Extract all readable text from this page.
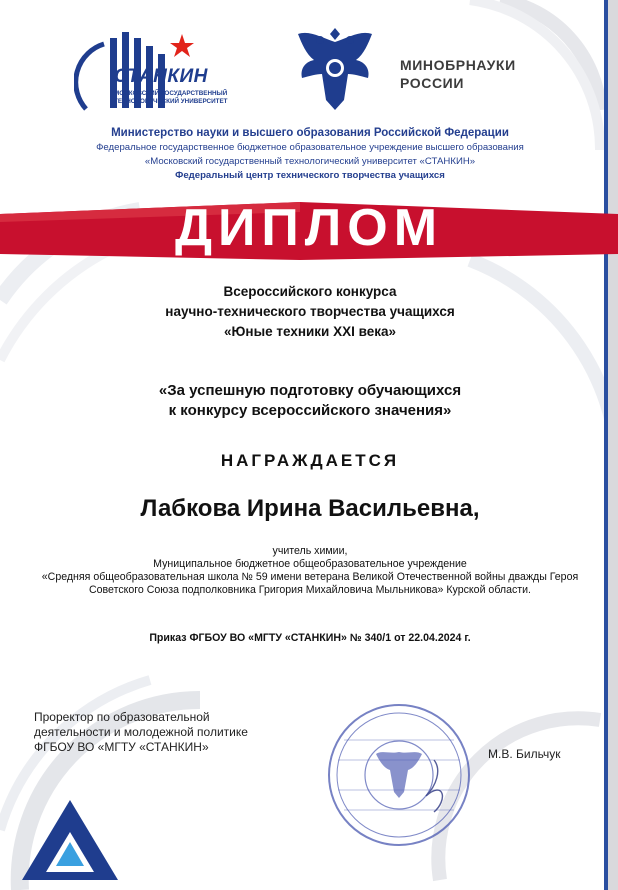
СТАНКИН
МОСКОВСКИЙ ГОСУДАРСТВЕННЫЙ ТЕХНОЛОГИЧЕСКИЙ УНИВЕРСИТЕТ
МИНОБРНАУКИ РОССИИ
Министерство науки и высшего образования Российской Федерации
Федеральное государственное бюджетное образовательное учреждение высшего образования
«Московский государственный технологический университет «СТАНКИН»
Федеральный центр технического творчества учащихся
ДИПЛОМ
Всероссийского конкурса
научно-технического творчества учащихся
«Юные техники XXI века»
«За успешную подготовку обучающихся
к конкурсу всероссийского значения»
НАГРАЖДАЕТСЯ
Лабкова Ирина Васильевна,
учитель химии,
Муниципальное бюджетное общеобразовательное учреждение
«Средняя общеобразовательная школа № 59 имени ветерана Великой Отечественной войны дважды Героя
Советского Союза подполковника Григория Михайловича Мыльникова» Курской области.
Приказ ФГБОУ ВО «МГТУ «СТАНКИН» № 340/1 от 22.04.2024 г.
Проректор по образовательной
деятельности и молодежной политике
ФГБОУ ВО «МГТУ «СТАНКИН»	М.В. Бильчук
